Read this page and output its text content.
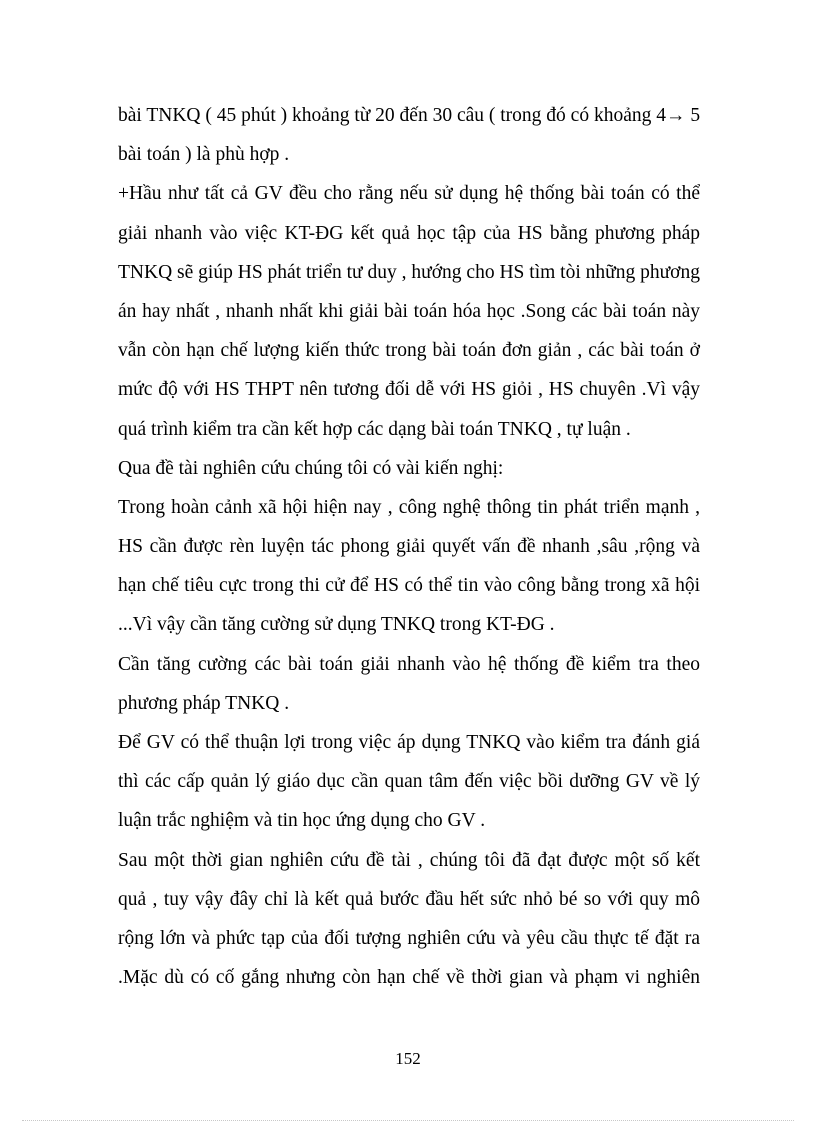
bài TNKQ ( 45 phút ) khoảng từ 20 đến 30 câu ( trong đó có khoảng 4→ 5
bài toán ) là phù hợp .
+Hầu như tất cả GV đều cho rằng nếu sử dụng hệ thống bài toán có thể
giải nhanh vào việc KT-ĐG kết quả học tập của HS bằng phương pháp
TNKQ sẽ giúp HS phát triển tư duy , hướng cho HS tìm tòi những phương
án hay nhất , nhanh nhất khi giải bài toán hóa học .Song các bài toán này
vẫn còn hạn chế lượng kiến thức trong bài toán đơn giản , các bài toán ở
mức độ với HS THPT nên tương đối dễ với HS giỏi , HS chuyên .Vì vậy
quá trình kiểm tra cần kết hợp các dạng bài toán TNKQ , tự luận .
Qua đề tài nghiên cứu chúng tôi có vài kiến nghị:
Trong hoàn cảnh xã hội hiện nay , công nghệ thông tin phát triển mạnh ,
HS cần được rèn luyện tác phong giải quyết vấn đề nhanh ,sâu ,rộng và
hạn chế tiêu cực trong thi cử để HS có thể tin vào công bằng trong xã hội
...Vì vậy cần tăng cường sử dụng TNKQ trong KT-ĐG .
Cần tăng cường các bài toán giải nhanh vào hệ thống đề kiểm tra theo
phương pháp TNKQ .
Để GV có thể thuận lợi trong việc áp dụng TNKQ vào kiểm tra đánh giá
thì các cấp quản lý giáo dục cần quan tâm đến việc bồi dưỡng GV về lý
luận trắc nghiệm và tin học ứng dụng cho GV .
Sau một thời gian nghiên cứu đề tài , chúng tôi đã đạt được một số kết
quả , tuy vậy đây chỉ là kết quả bước đầu hết sức nhỏ bé so với quy mô
rộng lớn và phức tạp của đối tượng nghiên cứu và yêu cầu thực tế đặt ra
.Mặc dù có cố gắng nhưng còn hạn chế về thời gian và phạm vi nghiên
152
